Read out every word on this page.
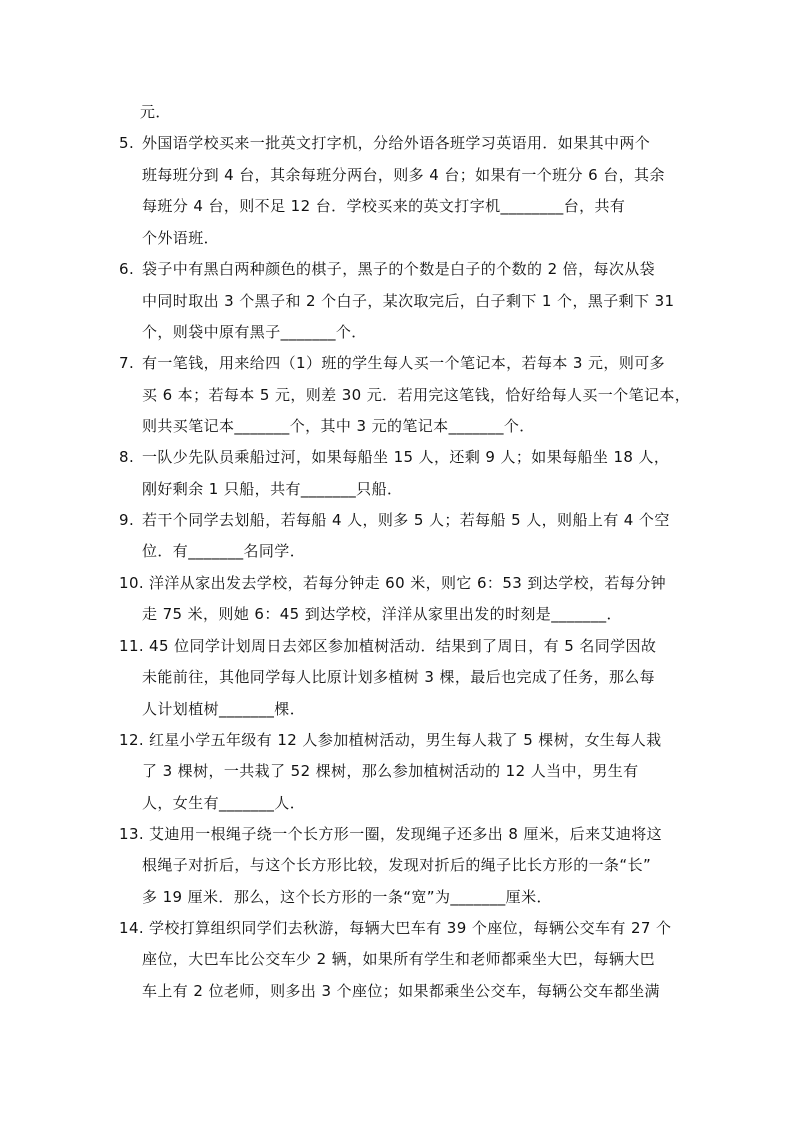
元．
5. 外国语学校买来一批英文打字机，分给外语各班学习英语用．如果其中两个
班每班分到 4 台，其余每班分两台，则多 4 台；如果有一个班分 6 台，其余
每班分 4 台，则不足 12 台．学校买来的英文打字机________台，共有
个外语班．
6. 袋子中有黑白两种颜色的棋子，黑子的个数是白子的个数的 2 倍，每次从袋
中同时取出 3 个黑子和 2 个白子，某次取完后，白子剩下 1 个，黑子剩下 31
个，则袋中原有黑子_______个．
7. 有一笔钱，用来给四（1）班的学生每人买一个笔记本，若每本 3 元，则可多
买 6 本；若每本 5 元，则差 30 元．若用完这笔钱，恰好给每人买一个笔记本，
则共买笔记本_______个，其中 3 元的笔记本_______个．
8. 一队少先队员乘船过河，如果每船坐 15 人，还剩 9 人；如果每船坐 18 人，
刚好剩余 1 只船，共有_______只船．
9. 若干个同学去划船，若每船 4 人，则多 5 人；若每船 5 人，则船上有 4 个空
位．有_______名同学．
10. 洋洋从家出发去学校，若每分钟走 60 米，则它 6：53 到达学校，若每分钟
走 75 米，则她 6：45 到达学校，洋洋从家里出发的时刻是_______．
11. 45 位同学计划周日去郊区参加植树活动．结果到了周日，有 5 名同学因故
未能前往，其他同学每人比原计划多植树 3 棵，最后也完成了任务，那么每
人计划植树_______棵．
12. 红星小学五年级有 12 人参加植树活动，男生每人栽了 5 棵树，女生每人栽
了 3 棵树，一共栽了 52 棵树，那么参加植树活动的 12 人当中，男生有
人，女生有_______人．
13. 艾迪用一根绳子绕一个长方形一圈，发现绳子还多出 8 厘米，后来艾迪将这
根绳子对折后，与这个长方形比较，发现对折后的绳子比长方形的一条“长”
多 19 厘米．那么，这个长方形的一条“宽”为_______厘米．
14. 学校打算组织同学们去秋游，每辆大巴车有 39 个座位，每辆公交车有 27 个
座位，大巴车比公交车少 2 辆，如果所有学生和老师都乘坐大巴，每辆大巴
车上有 2 位老师，则多出 3 个座位；如果都乘坐公交车，每辆公交车都坐满
